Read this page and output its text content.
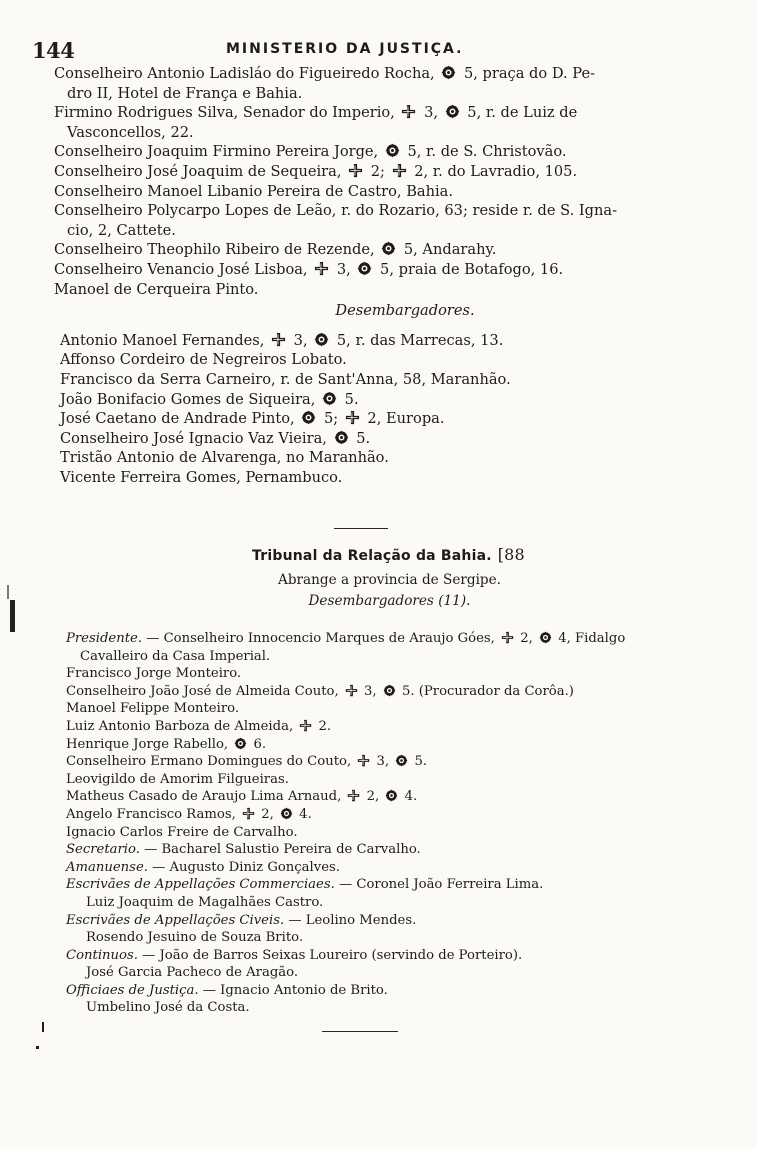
144	MINISTERIO DA JUSTIÇA.
Conselheiro Antonio Ladisláo do Figueiredo Rocha,
5, praça do D. Pe-
dro II, Hotel de França e Bahia.
Firmino Rodrigues Silva, Senador do Imperio,
3,
5, r. de Luiz de
Vasconcellos, 22.
Conselheiro Joaquim Firmino Pereira Jorge,
5, r. de S. Christovão.
Conselheiro José Joaquim de Sequeira,
2;
2, r. do Lavradio, 105.
Conselheiro Manoel Libanio Pereira de Castro, Bahia.
Conselheiro Polycarpo Lopes de Leão, r. do Rozario, 63; reside r. de S. Igna-
cio, 2, Cattete.
Conselheiro Theophilo Ribeiro de Rezende,
5, Andarahy.
Conselheiro Venancio José Lisboa,
3,
5, praia de Botafogo, 16.
Manoel de Cerqueira Pinto.
Desembargadores.
Antonio Manoel Fernandes,
3,
5, r. das Marrecas, 13.
Affonso Cordeiro de Negreiros Lobato.
Francisco da Serra Carneiro, r. de Sant'Anna, 58, Maranhão.
João Bonifacio Gomes de Siqueira,
5.
José Caetano de Andrade Pinto,
5;
2, Europa.
Conselheiro José Ignacio Vaz Vieira,
5.
Tristão Antonio de Alvarenga, no Maranhão.
Vicente Ferreira Gomes, Pernambuco.
Tribunal da Relação da Bahia. [88
Abrange a provincia de Sergipe.
Desembargadores (11).
Presidente. — Conselheiro Innocencio Marques de Araujo Góes,
2,
4, Fidalgo
Cavalleiro da Casa Imperial.
Francisco Jorge Monteiro.
Conselheiro João José de Almeida Couto,
3,
5. (Procurador da Corôa.)
Manoel Felippe Monteiro.
Luiz Antonio Barboza de Almeida,
2.
Henrique Jorge Rabello,
6.
Conselheiro Ermano Domingues do Couto,
3,
5.
Leovigildo de Amorim Filgueiras.
Matheus Casado de Araujo Lima Arnaud,
2,
4.
Angelo Francisco Ramos,
2,
4.
Ignacio Carlos Freire de Carvalho.
Secretario. — Bacharel Salustio Pereira de Carvalho.
Amanuense. — Augusto Diniz Gonçalves.
Escrivães de Appellações Commerciaes. — Coronel João Ferreira Lima.
Luiz Joaquim de Magalhães Castro.
Escrivães de Appellações Civeis. — Leolino Mendes.
Rosendo Jesuino de Souza Brito.
Continuos. — João de Barros Seixas Loureiro (servindo de Porteiro).
José Garcia Pacheco de Aragão.
Officiaes de Justiça. — Ignacio Antonio de Brito.
Umbelino José da Costa.
